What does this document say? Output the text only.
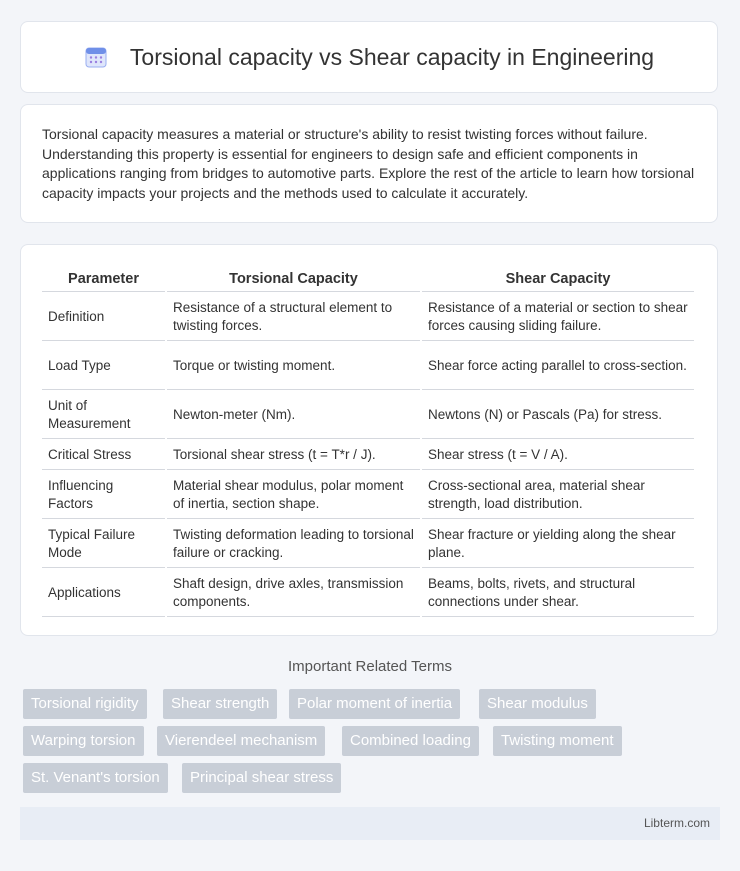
Torsional capacity vs Shear capacity in Engineering

Torsional capacity measures a material or structure's ability to resist twisting forces without failure. Understanding this property is essential for engineers to design safe and efficient components in applications ranging from bridges to automotive parts. Explore the rest of the article to learn how torsional capacity impacts your projects and the methods used to calculate it accurately.

Parameter	Torsional Capacity	Shear Capacity
Definition	Resistance of a structural element to twisting forces.	Resistance of a material or section to shear forces causing sliding failure.
Load Type	Torque or twisting moment.	Shear force acting parallel to cross-section.
Unit of Measurement	Newton-meter (Nm).	Newtons (N) or Pascals (Pa) for stress.
Critical Stress	Torsional shear stress (t = T*r / J).	Shear stress (t = V / A).
Influencing Factors	Material shear modulus, polar moment of inertia, section shape.	Cross-sectional area, material shear strength, load distribution.
Typical Failure Mode	Twisting deformation leading to torsional failure or cracking.	Shear fracture or yielding along the shear plane.
Applications	Shaft design, drive axles, transmission components.	Beams, bolts, rivets, and structural connections under shear.
Important Related Terms
Torsional rigidity	Shear strength	Polar moment of inertia	Shear modulus
Warping torsion	Vierendeel mechanism	Combined loading	Twisting moment
St. Venant's torsion	Principal shear stress
Libterm.com
